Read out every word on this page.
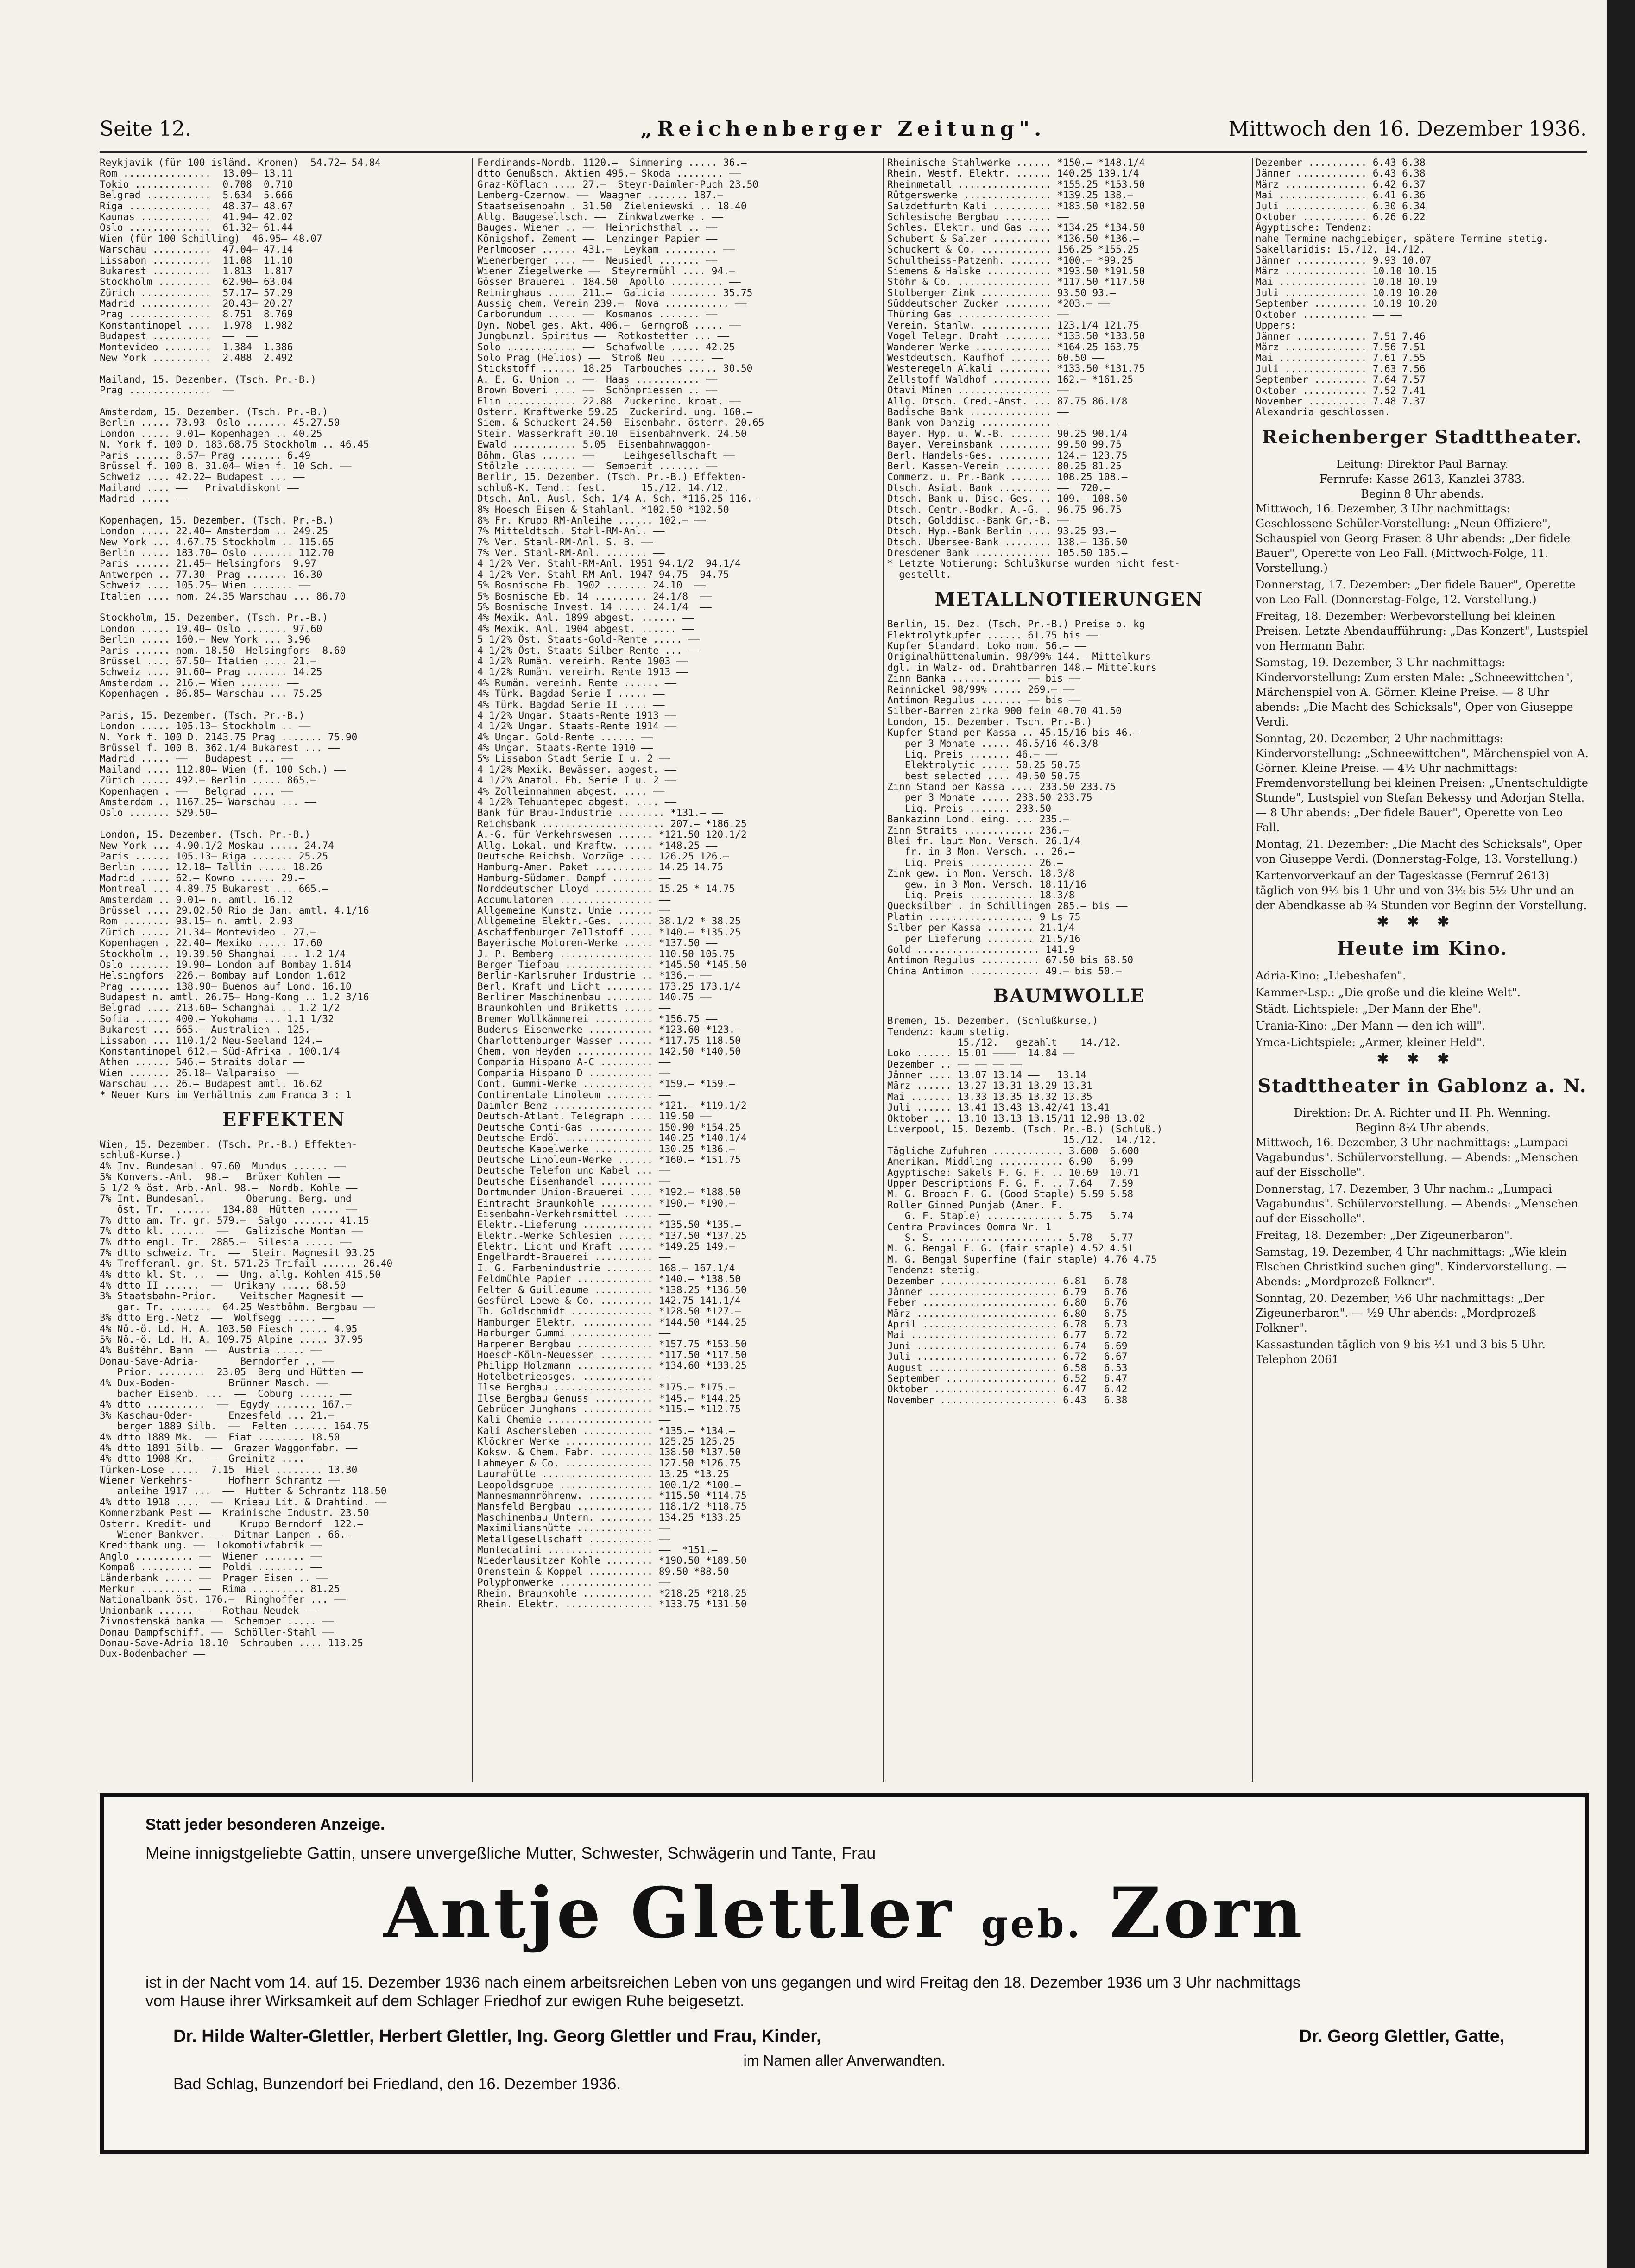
Seite 12.	„Reichenberger Zeitung".	Mittwoch den 16. Dezember 1936.
Reykjavik (für 100 isländ. Kronen)  54.72– 54.84
Rom ...............  13.09– 13.11
Tokio .............  0.708  0.710
Belgrad ...........  5.634  5.666
Riga ..............  48.37– 48.67
Kaunas ............  41.94– 42.02
Oslo ..............  61.32– 61.44
Wien (für 100 Schilling)  46.95– 48.07
Warschau ..........  47.04– 47.14
Lissabon ..........  11.08  11.10
Bukarest ..........  1.813  1.817
Stockholm .........  62.90– 63.04
Zürich ............  57.17– 57.29
Madrid ............  20.43– 20.27
Prag ..............  8.751  8.769
Konstantinopel ....  1.978  1.982
Budapest ..........  ——  ——
Montevideo ........  1.384  1.386
New York ..........  2.488  2.492
Mailand, 15. Dezember. (Tsch. Pr.-B.)
Prag ..............  ——
Amsterdam, 15. Dezember. (Tsch. Pr.-B.)
Berlin ..... 73.93– Oslo ....... 45.27.50
London ..... 9.01– Kopenhagen .. 40.25
N. York f. 100 D. 183.68.75 Stockholm .. 46.45
Paris ...... 8.57– Prag ....... 6.49
Brüssel f. 100 B. 31.04– Wien f. 10 Sch. ——
Schweiz .... 42.22– Budapest ... ——
Mailand .... ——   Privatdiskont ——
Madrid ..... ——
Kopenhagen, 15. Dezember. (Tsch. Pr.-B.)
London ..... 22.40– Amsterdam .. 249.25
New York ... 4.67.75 Stockholm .. 115.65
Berlin ..... 183.70– Oslo ....... 112.70
Paris ...... 21.45– Helsingfors  9.97
Antwerpen .. 77.30– Prag ....... 16.30
Schweiz .... 105.25– Wien ....... ——
Italien .... nom. 24.35 Warschau ... 86.70
Stockholm, 15. Dezember. (Tsch. Pr.-B.)
London ..... 19.40– Oslo ....... 97.60
Berlin ..... 160.– New York ... 3.96
Paris ...... nom. 18.50– Helsingfors  8.60
Brüssel .... 67.50– Italien .... 21.–
Schweiz .... 91.60– Prag ....... 14.25
Amsterdam .. 216.– Wien ....... ——
Kopenhagen . 86.85– Warschau ... 75.25
Paris, 15. Dezember. (Tsch. Pr.-B.)
London ..... 105.13– Stockholm .. ——
N. York f. 100 D. 2143.75 Prag ....... 75.90
Brüssel f. 100 B. 362.1/4 Bukarest ... ——
Madrid ..... ——   Budapest ... ——
Mailand .... 112.80– Wien (f. 100 Sch.) ——
Zürich ..... 492.– Berlin ..... 865.–
Kopenhagen . ——   Belgrad .... ——
Amsterdam .. 1167.25– Warschau ... ——
Oslo ....... 529.50–
London, 15. Dezember. (Tsch. Pr.-B.)
New York ... 4.90.1/2 Moskau ..... 24.74
Paris ...... 105.13– Riga ....... 25.25
Berlin ..... 12.18– Tallin ..... 18.26
Madrid ..... 62.– Kowno ...... 29.–
Montreal ... 4.89.75 Bukarest ... 665.–
Amsterdam .. 9.01– n. amtl. 16.12
Brüssel .... 29.02.50 Rio de Jan. amtl. 4.1/16
Rom ........ 93.15– n. amtl. 2.93
Zürich ..... 21.34– Montevideo . 27.–
Kopenhagen . 22.40– Mexiko ..... 17.60
Stockholm .. 19.39.50 Shanghai ... 1.2 1/4
Oslo ....... 19.90– London auf Bombay 1.614
Helsingfors  226.– Bombay auf London 1.612
Prag ....... 138.90– Buenos auf Lond. 16.10
Budapest n. amtl. 26.75– Hong-Kong .. 1.2 3/16
Belgrad .... 213.60– Schanghai .. 1.2 1/2
Sofia ...... 400.– Yokohama ... 1.1 1/32
Bukarest ... 665.– Australien . 125.–
Lissabon ... 110.1/2 Neu-Seeland 124.–
Konstantinopel 612.– Süd-Afrika . 100.1/4
Athen ...... 546.– Straits dolar ——
Wien ....... 26.18– Valparaiso  ——
Warschau ... 26.– Budapest amtl. 16.62
* Neuer Kurs im Verhältnis zum Franca 3 : 1
EFFEKTEN
Wien, 15. Dezember. (Tsch. Pr.-B.) Effekten-
schluß-Kurse.)
4% Inv. Bundesanl. 97.60  Mundus ...... ——
5% Konvers.-Anl.  98.–   Brüxer Kohlen ——
5 1/2 % öst. Arb.-Anl. 98.–  Nordb. Kohle ——
7% Int. Bundesanl.       Oberung. Berg. und
öst. Tr.  ......  134.80  Hütten ..... ——
7% dtto am. Tr. gr. 579.–  Salgo ....... 41.15
7% dtto kl. ......  ——   Galizische Montan ——
7% dtto engl. Tr.  2885.–  Silesia ..... ——
7% dtto schweiz. Tr.  ——  Steir. Magnesit 93.25
4% Trefferanl. gr. St. 571.25 Trifail ...... 26.40
4% dtto kl. St. ..  ——  Ung. allg. Kohlen 415.50
4% dtto II ......  ——  Urikany ..... 68.50
3% Staatsbahn-Prior.    Veitscher Magnesit ——
gar. Tr. .......  64.25 Westböhm. Bergbau ——
3% dtto Erg.-Netz  ——  Wolfsegg ..... ——
4% Nö.-ö. Ld. H. A. 103.50 Fiesch ..... 4.95
5% Nö.-ö. Ld. H. A. 109.75 Alpine ..... 37.95
4% Buštěhr. Bahn  ——  Austria ..... ——
Donau-Save-Adria-       Berndorfer .. ——
Prior. ........  23.05  Berg und Hütten ——
4% Dux-Boden-         Brünner Masch. ——
bacher Eisenb. ...  ——  Coburg ...... ——
4% dtto ..........  ——  Egydy ....... 167.–
3% Kaschau-Oder-      Enzesfeld ... 21.–
berger 1889 Silb.  ——  Felten ...... 164.75
4% dtto 1889 Mk.  ——  Fiat ........ 18.50
4% dtto 1891 Silb. ——  Grazer Waggonfabr. ——
4% dtto 1908 Kr.  ——  Greinitz .... ——
Türken-Lose .....  7.15  Hiel ........ 13.30
Wiener Verkehrs-      Hofherr Schrantz ——
anleihe 1917 ...  ——  Hutter & Schrantz 118.50
4% dtto 1918 ....  ——  Krieau Lit. & Drahtind. ——
Kommerzbank Pest ——  Krainische Industr. 23.50
Österr. Kredit- und     Krupp Berndorf  122.–
Wiener Bankver. ——  Ditmar Lampen . 66.–
Kreditbank ung. ——  Lokomotivfabrik ——
Anglo .......... ——  Wiener ....... ——
Kompaß ......... ——  Poldi ........ ——
Länderbank ..... ——  Prager Eisen .. ——
Merkur ......... ——  Rima ......... 81.25
Nationalbank öst. 176.–  Ringhoffer ... ——
Unionbank ...... ——  Rothau-Neudek ——
Živnostenská banka ——  Schember ..... ——
Donau Dampfschiff. ——  Schöller-Stahl ——
Donau-Save-Adria 18.10  Schrauben .... 113.25
Dux-Bodenbacher ——
Ferdinands-Nordb. 1120.–  Simmering ..... 36.–
dtto Genußsch. Aktien 495.– Skoda ........ ——
Graz-Köflach .... 27.–  Steyr-Daimler-Puch 23.50
Lemberg-Czernow. ——  Waagner ....... 187.–
Staatseisenbahn . 31.50  Zieleniewski .. 18.40
Allg. Baugesellsch. ——  Zinkwalzwerke . ——
Bauges. Wiener .. ——  Heinrichsthal .. ——
Königshof. Zement ——  Lenzinger Papier ——
Perlmooser ...... 431.–  Leykam ......... ——
Wienerberger .... ——  Neusiedl ....... ——
Wiener Ziegelwerke ——  Steyrermühl .... 94.–
Gösser Brauerei . 184.50  Apollo ......... ——
Reininghaus ..... 211.–  Galicia ........ 35.75
Aussig chem. Verein 239.–  Nova ........... ——
Carborundum ..... ——  Kosmanos ....... ——
Dyn. Nobel ges. Akt. 406.–  Gerngroß ..... ——
Jungbunzl. Spiritus ——  Rotkostetter ... ——
Solo ............ ——  Schafwolle ..... 42.25
Solo Prag (Helios) ——  Stroß Neu ...... ——
Stickstoff ...... 18.25  Tarbouches ..... 30.50
A. E. G. Union .. ——  Haas ........... ——
Brown Boveri .... ——  Schönpriessen .. ——
Elin ............ 22.88  Zuckerind. kroat. ——
Österr. Kraftwerke 59.25  Zuckerind. ung. 160.–
Siem. & Schuckert 24.50  Eisenbahn. österr. 20.65
Steir. Wasserkraft 30.10  Eisenbahnverk. 24.50
Ewald ........... 5.05  Eisenbahnwaggon-
Böhm. Glas ...... ——     Leihgesellschaft ——
Stölzle ......... ——  Semperit ....... ——
Berlin, 15. Dezember. (Tsch. Pr.-B.) Effekten-
schluß-K. Tend.: fest.      15./12. 14./12.
Dtsch. Anl. Ausl.-Sch. 1/4 A.-Sch. *116.25 116.–
8% Hoesch Eisen & Stahlanl. *102.50 *102.50
8% Fr. Krupp RM-Anleihe ...... 102.– ——
7% Mitteldtsch. Stahl-RM-Anl. ——
7% Ver. Stahl-RM-Anl. S. B. ——
7% Ver. Stahl-RM-Anl. ....... ——
4 1/2% Ver. Stahl-RM-Anl. 1951 94.1/2  94.1/4
4 1/2% Ver. Stahl-RM-Anl. 1947 94.75  94.75
5% Bosnische Eb. 1902 ....... 24.10  ——
5% Bosnische Eb. 14 ......... 24.1/8  ——
5% Bosnische Invest. 14 ..... 24.1/4  ——
4% Mexik. Anl. 1899 abgest. ...... ——
4% Mexik. Anl. 1904 abgest. ...... ——
5 1/2% Öst. Staats-Gold-Rente ..... ——
4 1/2% Öst. Staats-Silber-Rente ... ——
4 1/2% Rumän. vereinh. Rente 1903 ——
4 1/2% Rumän. vereinh. Rente 1913 ——
4% Rumän. vereinh. Rente ...... ——
4% Türk. Bagdad Serie I ..... ——
4% Türk. Bagdad Serie II .... ——
4 1/2% Ungar. Staats-Rente 1913 ——
4 1/2% Ungar. Staats-Rente 1914 ——
4% Ungar. Gold-Rente ...... ——
4% Ungar. Staats-Rente 1910 ——
5% Lissabon Stadt Serie I u. 2 ——
4 1/2% Mexik. Bewässer. abgest. ——
4 1/2% Anatol. Eb. Serie I u. 2 ——
4% Zolleinnahmen abgest. .... ——
4 1/2% Tehuantepec abgest. .... ——
Bank für Brau-Industrie ........ *131.– ——
Reichsbank ..................... 207.– *186.25
A.-G. für Verkehrswesen ...... *121.50 120.1/2
Allg. Lokal. und Kraftw. ..... *148.25 ——
Deutsche Reichsb. Vorzüge .... 126.25 126.–
Hamburg-Amer. Paket .......... 14.25 14.75
Hamburg-Südamer. Dampf ....... ——
Norddeutscher Lloyd .......... 15.25 * 14.75
Accumulatoren ................ ——
Allgemeine Kunstz. Unie ...... ——
Allgemeine Elektr.-Ges. ...... 38.1/2 * 38.25
Aschaffenburger Zellstoff .... *140.– *135.25
Bayerische Motoren-Werke ..... *137.50 ——
J. P. Bemberg ................ 110.50 105.75
Berger Tiefbau ............... *145.50 *145.50
Berlin-Karlsruher Industrie .. *136.– ——
Berl. Kraft und Licht ........ 173.25 173.1/4
Berliner Maschinenbau ........ 140.75 ——
Braunkohlen und Briketts ..... ——
Bremer Wollkämmerei .......... *156.75 ——
Buderus Eisenwerke ........... *123.60 *123.–
Charlottenburger Wasser ...... *117.75 118.50
Chem. von Heyden ............. 142.50 *140.50
Compania Hispano A-C ......... ——
Compania Hispano D ........... ——
Cont. Gummi-Werke ............ *159.– *159.–
Continentale Linoleum ........ ——
Daimler-Benz ................. *121.– *119.1/2
Deutsch-Atlant. Telegraph .... 119.50 ——
Deutsche Conti-Gas ........... 150.90 *154.25
Deutsche Erdöl ............... 140.25 *140.1/4
Deutsche Kabelwerke .......... 130.25 *136.–
Deutsche Linoleum-Werke ...... *160.– *151.75
Deutsche Telefon und Kabel ... ——
Deutsche Eisenhandel ......... ——
Dortmunder Union-Brauerei .... *192.– *188.50
Eintracht Braunkohle ......... *190.– *190.–
Eisenbahn-Verkehrsmittel ..... ——
Elektr.-Lieferung ............ *135.50 *135.–
Elektr.-Werke Schlesien ...... *137.50 *137.25
Elektr. Licht und Kraft ...... *149.25 149.–
Engelhardt-Brauerei .......... ——
I. G. Farbenindustrie ........ 168.– 167.1/4
Feldmühle Papier ............. *140.– *138.50
Felten & Guilleaume .......... *138.25 *136.50
Gesfürel Loewe & Co. ......... 142.75 141.1/4
Th. Goldschmidt .............. *128.50 *127.–
Hamburger Elektr. ............ *144.50 *144.25
Harburger Gummi .............. ——
Harpener Bergbau ............. *157.75 *153.50
Hoesch-Köln-Neuessen ......... *117.50 *117.50
Philipp Holzmann ............. *134.60 *133.25
Hotelbetriebsges. ............ ——
Ilse Bergbau ................. *175.– *175.–
Ilse Bergbau Genuss .......... *145.– *144.25
Gebrüder Junghans ............ *115.– *112.75
Kali Chemie .................. ——
Kali Aschersleben ............ *135.– *134.–
Klöckner Werke ............... 125.25 125.25
Koksw. & Chem. Fabr. ......... 138.50 *137.50
Lahmeyer & Co. ............... 127.50 *126.75
Laurahütte ................... 13.25 *13.25
Leopoldsgrube ................ 100.1/2 *100.–
Mannesmannröhrenw. ........... *115.50 *114.75
Mansfeld Bergbau ............. 118.1/2 *118.75
Maschinenbau Untern. ......... 134.25 *133.25
Maximilianshütte ............. ——
Metallgesellschaft ........... ——
Montecatini .................. ——  *151.–
Niederlausitzer Kohle ........ *190.50 *189.50
Orenstein & Koppel ........... 89.50 *88.50
Polyphonwerke ................ ——
Rhein. Braunkohle ............ *218.25 *218.25
Rhein. Elektr. ............... *133.75 *131.50
Rheinische Stahlwerke ...... *150.– *148.1/4
Rhein. Westf. Elektr. ...... 140.25 139.1/4
Rheinmetall ................ *155.25 *153.50
Rütgerswerke ............... *139.25 138.–
Salzdetfurth Kali .......... *183.50 *182.50
Schlesische Bergbau ........ ——
Schles. Elektr. und Gas .... *134.25 *134.50
Schubert & Salzer .......... *136.50 *136.–
Schuckert & Co. ............ 156.25 *155.25
Schultheiss-Patzenh. ....... *100.– *99.25
Siemens & Halske ........... *193.50 *191.50
Stöhr & Co. ................ *117.50 *117.50
Stolberger Zink ............ 93.50 93.–
Süddeutscher Zucker ........ *203.– ——
Thüring Gas ................ ——
Verein. Stahlw. ............ 123.1/4 121.75
Vogel Telegr. Draht ........ *133.50 *133.50
Wanderer Werke ............. *164.25 163.75
Westdeutsch. Kaufhof ....... 60.50 ——
Westeregeln Alkali ......... *133.50 *131.75
Zellstoff Waldhof .......... 162.– *161.25
Otavi Minen ................ ——
Allg. Dtsch. Cred.-Anst. ... 87.75 86.1/8
Badische Bank .............. ——
Bank von Danzig ............ ——
Bayer. Hyp. u. W.-B. ....... 90.25 90.1/4
Bayer. Vereinsbank ......... 99.50 99.75
Berl. Handels-Ges. ......... 124.– 123.75
Berl. Kassen-Verein ........ 80.25 81.25
Commerz. u. Pr.-Bank ....... 108.25 108.–
Dtsch. Asiat. Bank ......... ——  720.–
Dtsch. Bank u. Disc.-Ges. .. 109.– 108.50
Dtsch. Centr.-Bodkr. A.-G. . 96.75 96.75
Dtsch. Golddisc.-Bank Gr.-B. ——
Dtsch. Hyp.-Bank Berlin .... 93.25 93.–
Dtsch. Übersee-Bank ........ 138.– 136.50
Dresdener Bank ............. 105.50 105.–
* Letzte Notierung: Schlußkurse wurden nicht fest-
gestellt.
METALLNOTIERUNGEN
Berlin, 15. Dez. (Tsch. Pr.-B.) Preise p. kg
Elektrolytkupfer ...... 61.75 bis ——
Kupfer Standard. Loko nom. 56.– ——
Originalhüttenalumin. 98/99% 144.– Mittelkurs
dgl. in Walz- od. Drahtbarren 148.– Mittelkurs
Zinn Banka ............ —— bis ——
Reinnickel 98/99% ..... 269.– ——
Antimon Regulus ....... —— bis ——
Silber-Barren zirka 900 fein 40.70 41.50
London, 15. Dezember. Tsch. Pr.-B.)
Kupfer Stand per Kassa .. 45.15/16 bis 46.–
per 3 Monate ..... 46.5/16 46.3/8
Liq. Preis ....... 46.– ——
Elektrolytic ..... 50.25 50.75
best selected .... 49.50 50.75
Zinn Stand per Kassa .... 233.50 233.75
per 3 Monate ..... 233.50 233.75
Liq. Preis ....... 233.50
Bankazinn Lond. eing. ... 235.–
Zinn Straits ............ 236.–
Blei fr. laut Mon. Versch. 26.1/4
fr. in 3 Mon. Versch. .. 26.–
Liq. Preis ........... 26.–
Zink gew. in Mon. Versch. 18.3/8
gew. in 3 Mon. Versch. 18.11/16
Liq. Preis ........... 18.3/8
Quecksilber . in Schillingen 285.– bis ——
Platin .................. 9 Ls 75
Silber per Kassa ........ 21.1/4
per Lieferung ........ 21.5/16
Gold ..................... 141.9
Antimon Regulus .......... 67.50 bis 68.50
China Antimon ............ 49.– bis 50.–
BAUMWOLLE
Bremen, 15. Dezember. (Schlußkurse.)
Tendenz: kaum stetig.
15./12.   gezahlt    14./12.
Loko ...... 15.01 ————  14.84 ——
Dezember .. —— —— —— ——
Jänner .... 13.07 13.14 ——   13.14
März ...... 13.27 13.31 13.29 13.31
Mai ....... 13.33 13.35 13.32 13.35
Juli ...... 13.41 13.43 13.42/41 13.41
Oktober ... 13.10 13.13 13.15/11 12.98 13.02
Liverpool, 15. Dezemb. (Tsch. Pr.-B.) (Schluß.)
15./12.  14./12.
Tägliche Zufuhren ............ 3.600  6.600
Amerikan. Middling ........... 6.90   6.99
Ägyptische: Sakels F. G. F. .. 10.69  10.71
Upper Descriptions F. G. F. .. 7.64   7.59
M. G. Broach F. G. (Good Staple) 5.59 5.58
Roller Ginned Punjab (Amer. F.
G. F. Staple) ............. 5.75   5.74
Centra Provinces Oomra Nr. 1
S. S. ..................... 5.78   5.77
M. G. Bengal F. G. (fair staple) 4.52 4.51
M. G. Bengal Superfine (fair staple) 4.76 4.75
Tendenz: stetig.
Dezember .................... 6.81   6.78
Jänner ...................... 6.79   6.76
Feber ....................... 6.80   6.76
März ........................ 6.80   6.75
April ....................... 6.78   6.73
Mai ......................... 6.77   6.72
Juni ........................ 6.74   6.69
Juli ........................ 6.72   6.67
August ...................... 6.58   6.53
September ................... 6.52   6.47
Oktober ..................... 6.47   6.42
November .................... 6.43   6.38
Dezember .......... 6.43 6.38
Jänner ............ 6.43 6.38
März .............. 6.42 6.37
Mai ............... 6.41 6.36
Juli .............. 6.30 6.34
Oktober ........... 6.26 6.22
Ägyptische: Tendenz:
nahe Termine nachgiebiger, spätere Termine stetig.
Sakellaridis: 15./12. 14./12.
Jänner ............ 9.93 10.07
März .............. 10.10 10.15
Mai ............... 10.18 10.19
Juli .............. 10.19 10.20
September ......... 10.19 10.20
Oktober ........... —— ——
Uppers:
Jänner ............ 7.51 7.46
März .............. 7.56 7.51
Mai ............... 7.61 7.55
Juli .............. 7.63 7.56
September ......... 7.64 7.57
Oktober ........... 7.52 7.41
November .......... 7.48 7.37
Alexandria geschlossen.
Reichenberger Stadttheater.
Leitung: Direktor Paul Barnay.
Fernrufe: Kasse 2613, Kanzlei 3783.
Beginn 8 Uhr abends.
Mittwoch, 16. Dezember, 3 Uhr nachmittags: Geschlossene Schüler-Vorstellung: „Neun Offiziere", Schauspiel von Georg Fraser. 8 Uhr abends: „Der fidele Bauer", Operette von Leo Fall. (Mittwoch-Folge, 11. Vorstellung.)
Donnerstag, 17. Dezember: „Der fidele Bauer", Operette von Leo Fall. (Donnerstag-Folge, 12. Vorstellung.)
Freitag, 18. Dezember: Werbevorstellung bei kleinen Preisen. Letzte Abendaufführung: „Das Konzert", Lustspiel von Hermann Bahr.
Samstag, 19. Dezember, 3 Uhr nachmittags: Kindervorstellung: Zum ersten Male: „Schneewittchen", Märchenspiel von A. Görner. Kleine Preise. — 8 Uhr abends: „Die Macht des Schicksals", Oper von Giuseppe Verdi.
Sonntag, 20. Dezember, 2 Uhr nachmittags: Kindervorstellung: „Schneewittchen", Märchenspiel von A. Görner. Kleine Preise. — 4½ Uhr nachmittags: Fremdenvorstellung bei kleinen Preisen: „Unentschuldigte Stunde", Lustspiel von Stefan Bekessy und Adorjan Stella. — 8 Uhr abends: „Der fidele Bauer", Operette von Leo Fall.
Montag, 21. Dezember: „Die Macht des Schicksals", Oper von Giuseppe Verdi. (Donnerstag-Folge, 13. Vorstellung.)
Kartenvorverkauf an der Tageskasse (Fernruf 2613) täglich von 9½ bis 1 Uhr und von 3½ bis 5½ Uhr und an der Abendkasse ab ¾ Stunden vor Beginn der Vorstellung.
✱✱✱
Heute im Kino.
Adria-Kino: „Liebeshafen".
Kammer-Lsp.: „Die große und die kleine Welt".
Städt. Lichtspiele: „Der Mann der Ehe".
Urania-Kino: „Der Mann — den ich will".
Ymca-Lichtspiele: „Armer, kleiner Held".
✱✱✱
Stadttheater in Gablonz a. N.
Direktion: Dr. A. Richter und H. Ph. Wenning.
Beginn 8¼ Uhr abends.
Mittwoch, 16. Dezember, 3 Uhr nachmittags: „Lumpaci Vagabundus". Schülervorstellung. — Abends: „Menschen auf der Eisscholle".
Donnerstag, 17. Dezember, 3 Uhr nachm.: „Lumpaci Vagabundus". Schülervorstellung. — Abends: „Menschen auf der Eisscholle".
Freitag, 18. Dezember: „Der Zigeunerbaron".
Samstag, 19. Dezember, 4 Uhr nachmittags: „Wie klein Elschen Christkind suchen ging". Kindervorstellung. — Abends: „Mordprozeß Folkner".
Sonntag, 20. Dezember, ½6 Uhr nachmittags: „Der Zigeunerbaron". — ½9 Uhr abends: „Mordprozeß Folkner".
Kassastunden täglich von 9 bis ½1 und 3 bis 5 Uhr. Telephon 2061
Statt jeder besonderen Anzeige.
Meine innigstgeliebte Gattin, unsere unvergeßliche Mutter, Schwester, Schwägerin und Tante, Frau
Antje Glettler geb. Zorn
ist in der Nacht vom 14. auf 15. Dezember 1936 nach einem arbeitsreichen Leben von uns gegangen und wird Freitag den 18. Dezember 1936 um 3 Uhr nachmittags
vom Hause ihrer Wirksamkeit auf dem Schlager Friedhof zur ewigen Ruhe beigesetzt.
Dr. Hilde Walter-Glettler, Herbert Glettler, Ing. Georg Glettler und Frau, Kinder,	Dr. Georg Glettler, Gatte,
im Namen aller Anverwandten.
Bad Schlag, Bunzendorf bei Friedland, den 16. Dezember 1936.
